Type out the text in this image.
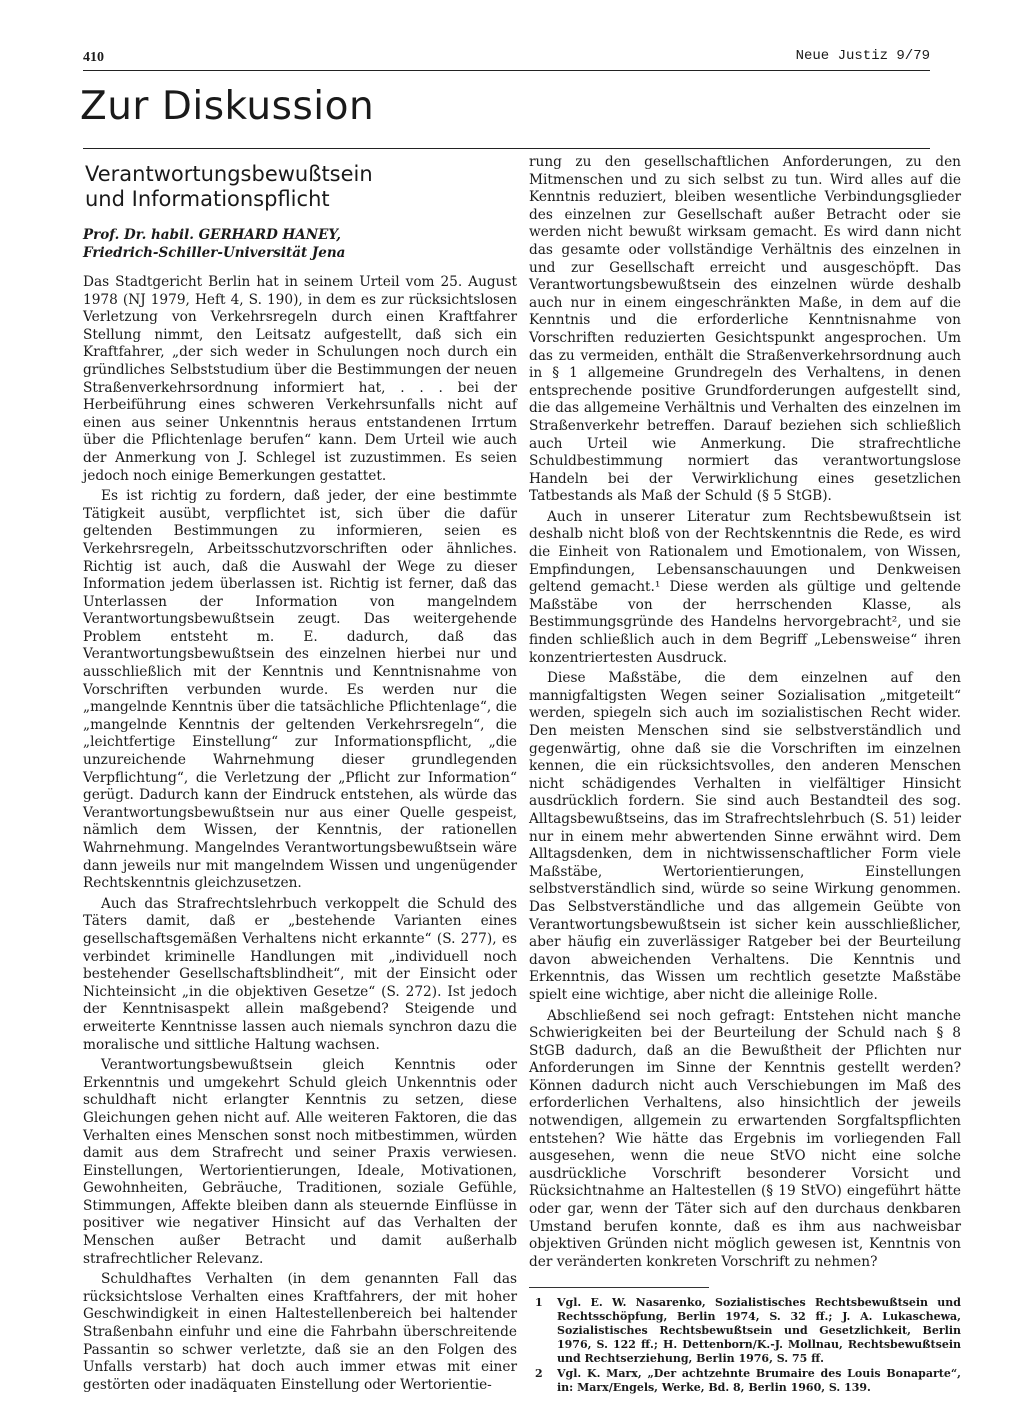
410	Neue Justiz 9/79
Zur Diskussion
Verantwortungsbewußtsein
und Informationspflicht
Prof. Dr. habil. GERHARD HANEY,
Friedrich-Schiller-Universität Jena

Das Stadtgericht Berlin hat in seinem Urteil vom 25. August 1978 (NJ 1979, Heft 4, S. 190), in dem es zur rücksichtslosen Verletzung von Verkehrsregeln durch einen Kraftfahrer Stellung nimmt, den Leitsatz aufgestellt, daß sich ein Kraftfahrer, „der sich weder in Schulungen noch durch ein gründliches Selbststudium über die Bestimmungen der neuen Straßenverkehrsordnung informiert hat, . . . bei der Herbeiführung eines schweren Verkehrsunfalls nicht auf einen aus seiner Unkenntnis heraus entstandenen Irrtum über die Pflichtenlage berufen“ kann. Dem Urteil wie auch der Anmerkung von J. Schlegel ist zuzustimmen. Es seien jedoch noch einige Bemerkungen gestattet.

Es ist richtig zu fordern, daß jeder, der eine bestimmte Tätigkeit ausübt, verpflichtet ist, sich über die dafür geltenden Bestimmungen zu informieren, seien es Verkehrsregeln, Arbeitsschutzvorschriften oder ähnliches. Richtig ist auch, daß die Auswahl der Wege zu dieser Information jedem überlassen ist. Richtig ist ferner, daß das Unterlassen der Information von mangelndem Verantwortungsbewußtsein zeugt. Das weitergehende Problem entsteht m. E. dadurch, daß das Verantwortungsbewußtsein des einzelnen hierbei nur und ausschließlich mit der Kenntnis und Kenntnisnahme von Vorschriften verbunden wurde. Es werden nur die „mangelnde Kenntnis über die tatsächliche Pflichtenlage“, die „mangelnde Kenntnis der geltenden Verkehrsregeln“, die „leichtfertige Einstellung“ zur Informationspflicht, „die unzureichende Wahrnehmung dieser grundlegenden Verpflichtung“, die Verletzung der „Pflicht zur Information“ gerügt. Dadurch kann der Eindruck entstehen, als würde das Verantwortungsbewußtsein nur aus einer Quelle gespeist, nämlich dem Wissen, der Kenntnis, der rationellen Wahrnehmung. Mangelndes Verantwortungsbewußtsein wäre dann jeweils nur mit mangelndem Wissen und ungenügender Rechtskenntnis gleichzusetzen.

Auch das Strafrechtslehrbuch verkoppelt die Schuld des Täters damit, daß er „bestehende Varianten eines gesellschaftsgemäßen Verhaltens nicht erkannte“ (S. 277), es verbindet kriminelle Handlungen mit „individuell noch bestehender Gesellschaftsblindheit“, mit der Einsicht oder Nichteinsicht „in die objektiven Gesetze“ (S. 272). Ist jedoch der Kenntnisaspekt allein maßgebend? Steigende und erweiterte Kenntnisse lassen auch niemals synchron dazu die moralische und sittliche Haltung wachsen.

Verantwortungsbewußtsein gleich Kenntnis oder Erkenntnis und umgekehrt Schuld gleich Unkenntnis oder schuldhaft nicht erlangter Kenntnis zu setzen, diese Gleichungen gehen nicht auf. Alle weiteren Faktoren, die das Verhalten eines Menschen sonst noch mitbestimmen, würden damit aus dem Strafrecht und seiner Praxis verwiesen. Einstellungen, Wertorientierungen, Ideale, Motivationen, Gewohnheiten, Gebräuche, Traditionen, soziale Gefühle, Stimmungen, Affekte bleiben dann als steuernde Einflüsse in positiver wie negativer Hinsicht auf das Verhalten der Menschen außer Betracht und damit außerhalb strafrechtlicher Relevanz.

Schuldhaftes Verhalten (in dem genannten Fall das rücksichtslose Verhalten eines Kraftfahrers, der mit hoher Geschwindigkeit in einen Haltestellenbereich bei haltender Straßenbahn einfuhr und eine die Fahrbahn überschreitende Passantin so schwer verletzte, daß sie an den Folgen des Unfalls verstarb) hat doch auch immer etwas mit einer gestörten oder inadäquaten Einstellung oder Wertorientie-

rung zu den gesellschaftlichen Anforderungen, zu den Mitmenschen und zu sich selbst zu tun. Wird alles auf die Kenntnis reduziert, bleiben wesentliche Verbindungsglieder des einzelnen zur Gesellschaft außer Betracht oder sie werden nicht bewußt wirksam gemacht. Es wird dann nicht das gesamte oder vollständige Verhältnis des einzelnen in und zur Gesellschaft erreicht und ausgeschöpft. Das Verantwortungsbewußtsein des einzelnen würde deshalb auch nur in einem eingeschränkten Maße, in dem auf die Kenntnis und die erforderliche Kenntnisnahme von Vorschriften reduzierten Gesichtspunkt angesprochen. Um das zu vermeiden, enthält die Straßenverkehrsordnung auch in § 1 allgemeine Grundregeln des Verhaltens, in denen entsprechende positive Grundforderungen aufgestellt sind, die das allgemeine Verhältnis und Verhalten des einzelnen im Straßenverkehr betreffen. Darauf beziehen sich schließlich auch Urteil wie Anmerkung. Die strafrechtliche Schuldbestimmung normiert das verantwortungslose Handeln bei der Verwirklichung eines gesetzlichen Tatbestands als Maß der Schuld (§ 5 StGB).

Auch in unserer Literatur zum Rechtsbewußtsein ist deshalb nicht bloß von der Rechtskenntnis die Rede, es wird die Einheit von Rationalem und Emotionalem, von Wissen, Empfindungen, Lebensanschauungen und Denkweisen geltend gemacht.¹ Diese werden als gültige und geltende Maßstäbe von der herrschenden Klasse, als Bestimmungsgründe des Handelns hervorgebracht², und sie finden schließlich auch in dem Begriff „Lebensweise“ ihren konzentriertesten Ausdruck.

Diese Maßstäbe, die dem einzelnen auf den mannigfaltigsten Wegen seiner Sozialisation „mitgeteilt“ werden, spiegeln sich auch im sozialistischen Recht wider. Den meisten Menschen sind sie selbstverständlich und gegenwärtig, ohne daß sie die Vorschriften im einzelnen kennen, die ein rücksichtsvolles, den anderen Menschen nicht schädigendes Verhalten in vielfältiger Hinsicht ausdrücklich fordern. Sie sind auch Bestandteil des sog. Alltagsbewußtseins, das im Strafrechtslehrbuch (S. 51) leider nur in einem mehr abwertenden Sinne erwähnt wird. Dem Alltagsdenken, dem in nichtwissenschaftlicher Form viele Maßstäbe, Wertorientierungen, Einstellungen selbstverständlich sind, würde so seine Wirkung genommen. Das Selbstverständliche und das allgemein Geübte von Verantwortungsbewußtsein ist sicher kein ausschließlicher, aber häufig ein zuverlässiger Ratgeber bei der Beurteilung davon abweichenden Verhaltens. Die Kenntnis und Erkenntnis, das Wissen um rechtlich gesetzte Maßstäbe spielt eine wichtige, aber nicht die alleinige Rolle.

Abschließend sei noch gefragt: Entstehen nicht manche Schwierigkeiten bei der Beurteilung der Schuld nach § 8 StGB dadurch, daß an die Bewußtheit der Pflichten nur Anforderungen im Sinne der Kenntnis gestellt werden? Können dadurch nicht auch Verschiebungen im Maß des erforderlichen Verhaltens, also hinsichtlich der jeweils notwendigen, allgemein zu erwartenden Sorgfaltspflichten entstehen? Wie hätte das Ergebnis im vorliegenden Fall ausgesehen, wenn die neue StVO nicht eine solche ausdrückliche Vorschrift besonderer Vorsicht und Rücksichtnahme an Haltestellen (§ 19 StVO) eingeführt hätte oder gar, wenn der Täter sich auf den durchaus denkbaren Umstand berufen konnte, daß es ihm aus nachweisbar objektiven Gründen nicht möglich gewesen ist, Kenntnis von der veränderten konkreten Vorschrift zu nehmen?

1	Vgl. E. W. Nasarenko, Sozialistisches Rechtsbewußtsein und Rechtsschöpfung, Berlin 1974, S. 32 ff.; J. A. Lukaschewa, Sozialistisches Rechtsbewußtsein und Gesetzlichkeit, Berlin 1976, S. 122 ff.; H. Dettenborn/K.-J. Mollnau, Rechtsbewußtsein und Rechtserziehung, Berlin 1976, S. 75 ff.
2	Vgl. K. Marx, „Der achtzehnte Brumaire des Louis Bonaparte“, in: Marx/Engels, Werke, Bd. 8, Berlin 1960, S. 139.
